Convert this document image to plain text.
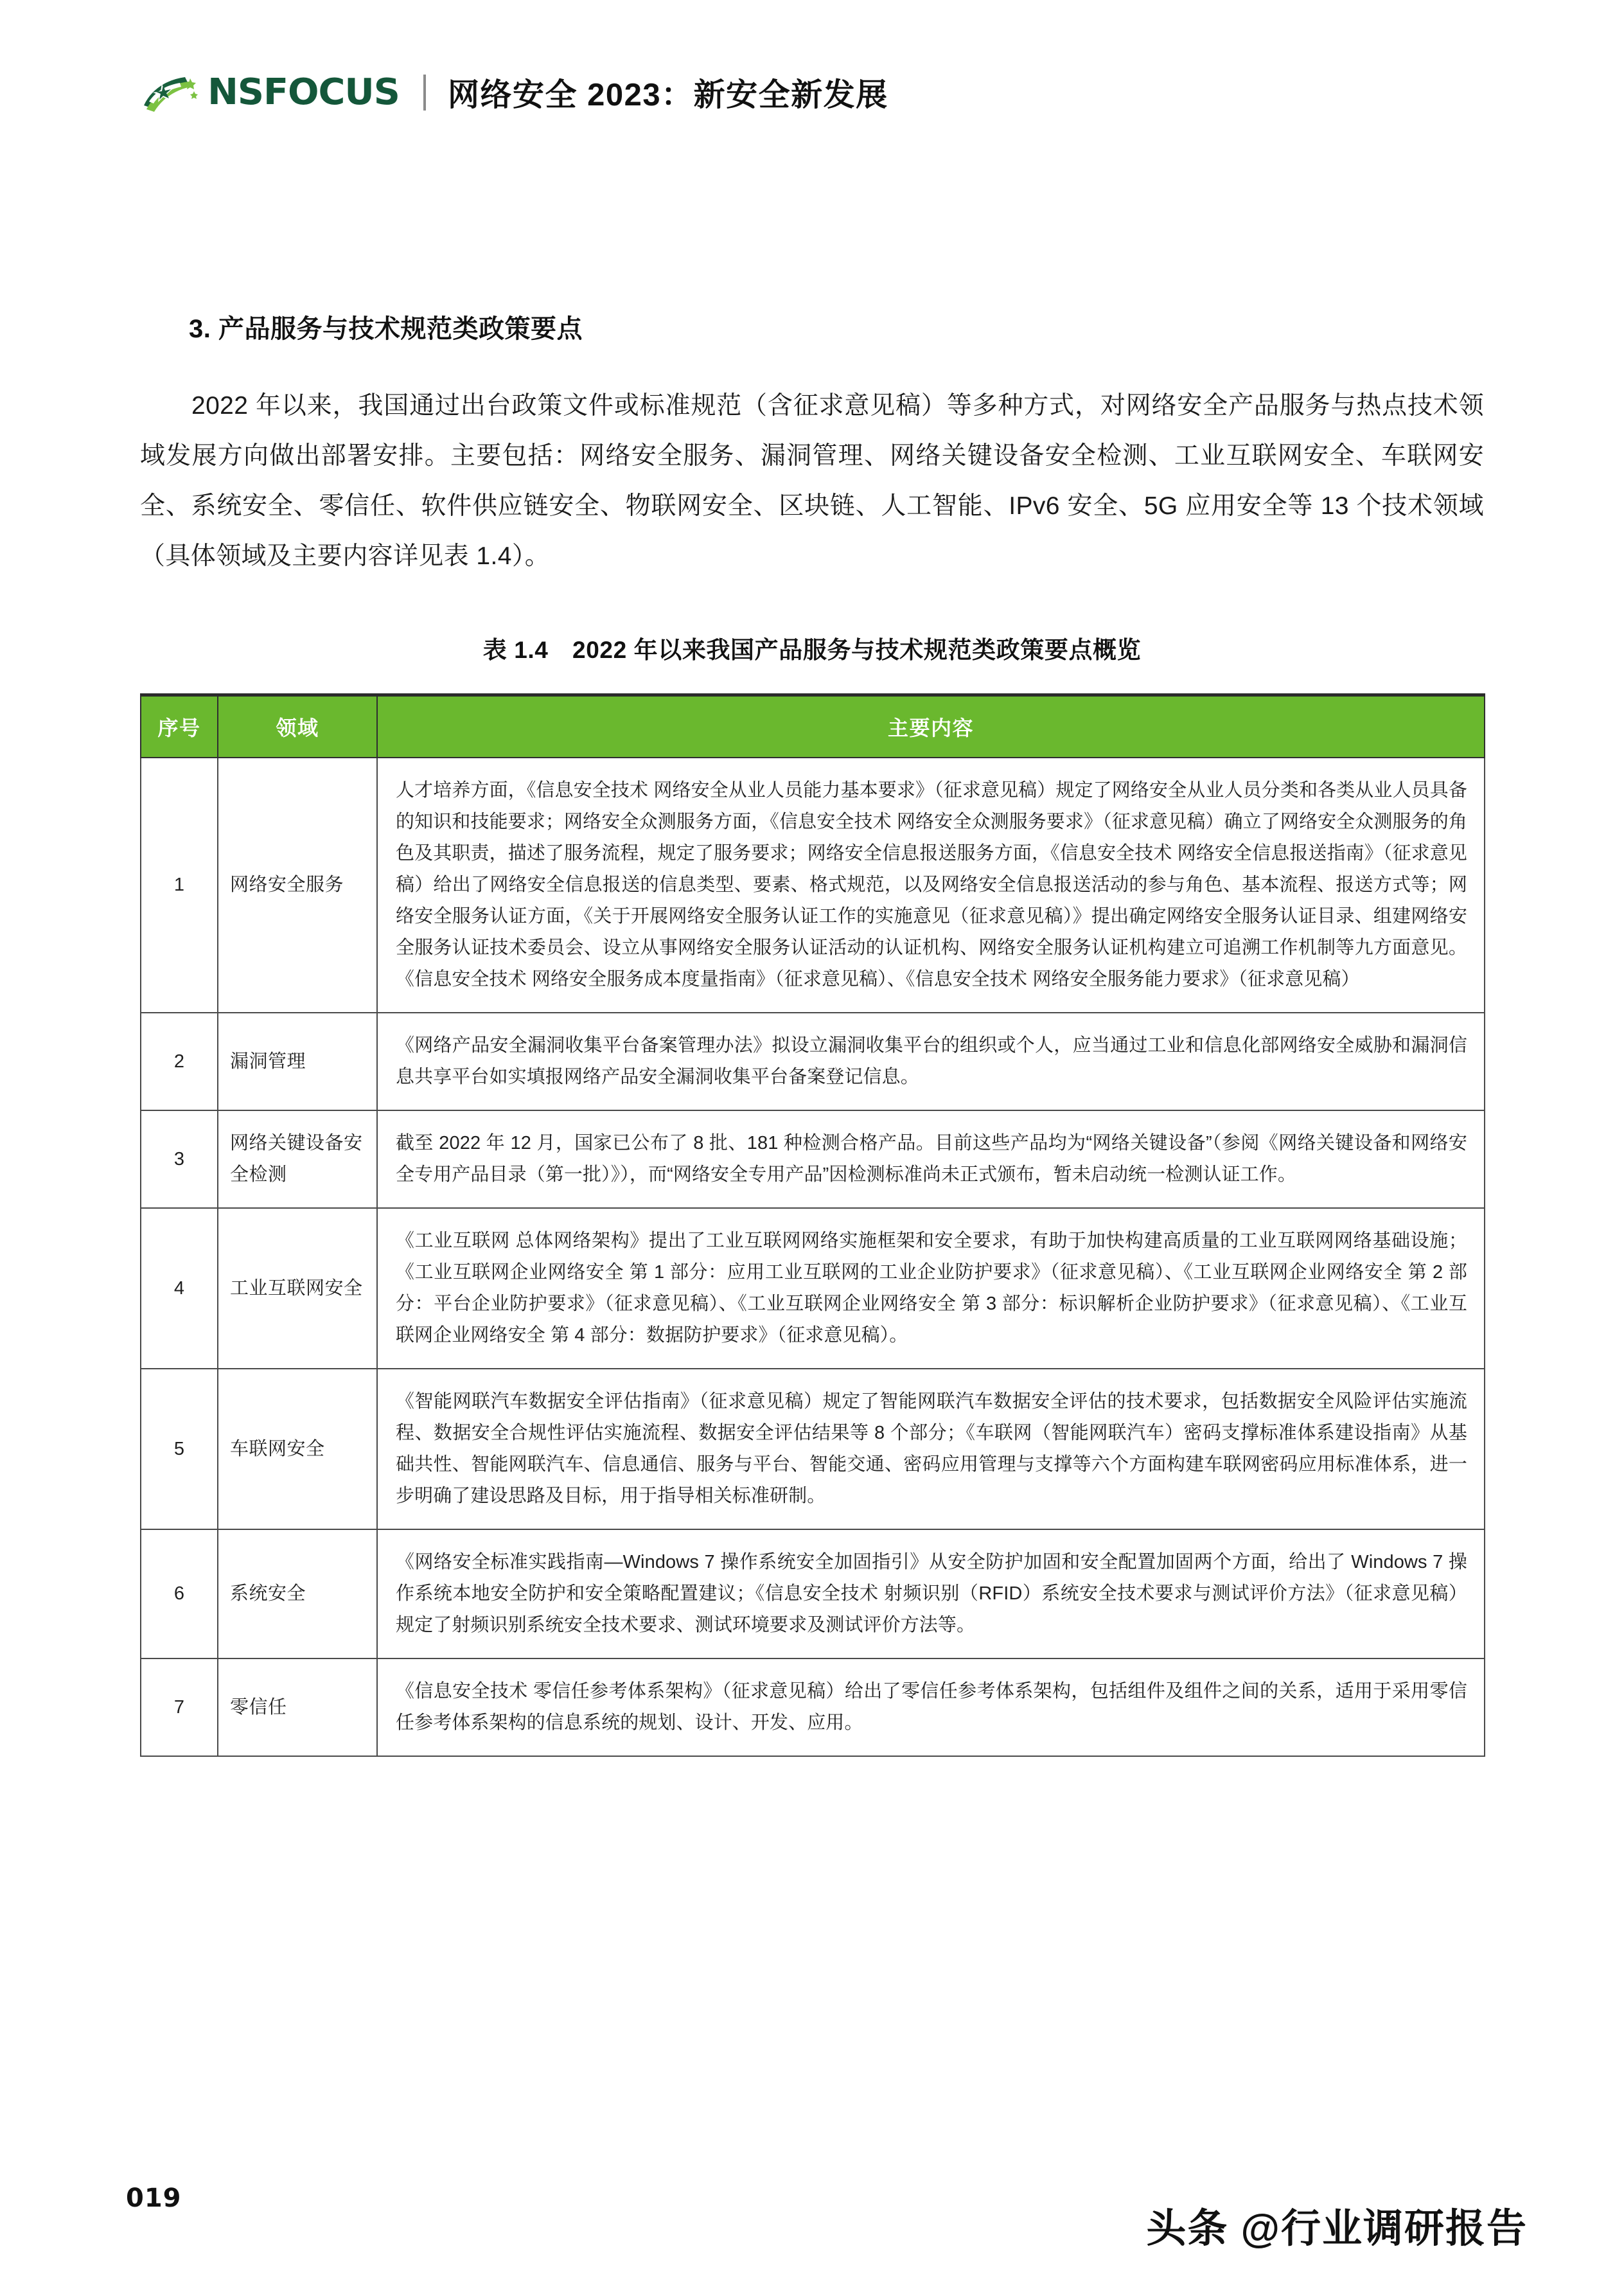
NSFOCUS 网络安全 2023：新安全新发展
3. 产品服务与技术规范类政策要点

2022 年以来，我国通过出台政策文件或标准规范（含征求意见稿）等多种方式，对网络安全产品服务与热点技术领域发展方向做出部署安排。主要包括：网络安全服务、漏洞管理、网络关键设备安全检测、工业互联网安全、车联网安全、系统安全、零信任、软件供应链安全、物联网安全、区块链、人工智能、IPv6 安全、5G 应用安全等 13 个技术领域（具体领域及主要内容详见表 1.4）。

表 1.4　2022 年以来我国产品服务与技术规范类政策要点概览
序号	领域	主要内容
1	网络安全服务	人才培养方面，《信息安全技术 网络安全从业人员能力基本要求》（征求意见稿）规定了网络安全从业人员分类和各类从业人员具备的知识和技能要求；网络安全众测服务方面，《信息安全技术 网络安全众测服务要求》（征求意见稿）确立了网络安全众测服务的角色及其职责，描述了服务流程，规定了服务要求；网络安全信息报送服务方面，《信息安全技术 网络安全信息报送指南》（征求意见稿）给出了网络安全信息报送的信息类型、要素、格式规范，以及网络安全信息报送活动的参与角色、基本流程、报送方式等；网络安全服务认证方面，《关于开展网络安全服务认证工作的实施意见（征求意见稿）》提出确定网络安全服务认证目录、组建网络安全服务认证技术委员会、设立从事网络安全服务认证活动的认证机构、网络安全服务认证机构建立可追溯工作机制等九方面意见。《信息安全技术 网络安全服务成本度量指南》（征求意见稿）、《信息安全技术 网络安全服务能力要求》（征求意见稿）
2	漏洞管理	《网络产品安全漏洞收集平台备案管理办法》拟设立漏洞收集平台的组织或个人，应当通过工业和信息化部网络安全威胁和漏洞信息共享平台如实填报网络产品安全漏洞收集平台备案登记信息。
3	网络关键设备安全检测	截至 2022 年 12 月，国家已公布了 8 批、181 种检测合格产品。目前这些产品均为“网络关键设备”（参阅《网络关键设备和网络安全专用产品目录（第一批）》），而“网络安全专用产品”因检测标准尚未正式颁布，暂未启动统一检测认证工作。
4	工业互联网安全	《工业互联网 总体网络架构》提出了工业互联网网络实施框架和安全要求，有助于加快构建高质量的工业互联网网络基础设施；《工业互联网企业网络安全 第 1 部分：应用工业互联网的工业企业防护要求》（征求意见稿）、《工业互联网企业网络安全 第 2 部分：平台企业防护要求》（征求意见稿）、《工业互联网企业网络安全 第 3 部分：标识解析企业防护要求》（征求意见稿）、《工业互联网企业网络安全 第 4 部分：数据防护要求》（征求意见稿）。
5	车联网安全	《智能网联汽车数据安全评估指南》（征求意见稿）规定了智能网联汽车数据安全评估的技术要求，包括数据安全风险评估实施流程、数据安全合规性评估实施流程、数据安全评估结果等 8 个部分；《车联网（智能网联汽车）密码支撑标准体系建设指南》从基础共性、智能网联汽车、信息通信、服务与平台、智能交通、密码应用管理与支撑等六个方面构建车联网密码应用标准体系，进一步明确了建设思路及目标，用于指导相关标准研制。
6	系统安全	《网络安全标准实践指南—Windows 7 操作系统安全加固指引》从安全防护加固和安全配置加固两个方面，给出了 Windows 7 操作系统本地安全防护和安全策略配置建议；《信息安全技术 射频识别（RFID）系统安全技术要求与测试评价方法》（征求意见稿）规定了射频识别系统安全技术要求、测试环境要求及测试评价方法等。
7	零信任	《信息安全技术 零信任参考体系架构》（征求意见稿）给出了零信任参考体系架构，包括组件及组件之间的关系，适用于采用零信任参考体系架构的信息系统的规划、设计、开发、应用。
019
头条 @行业调研报告
